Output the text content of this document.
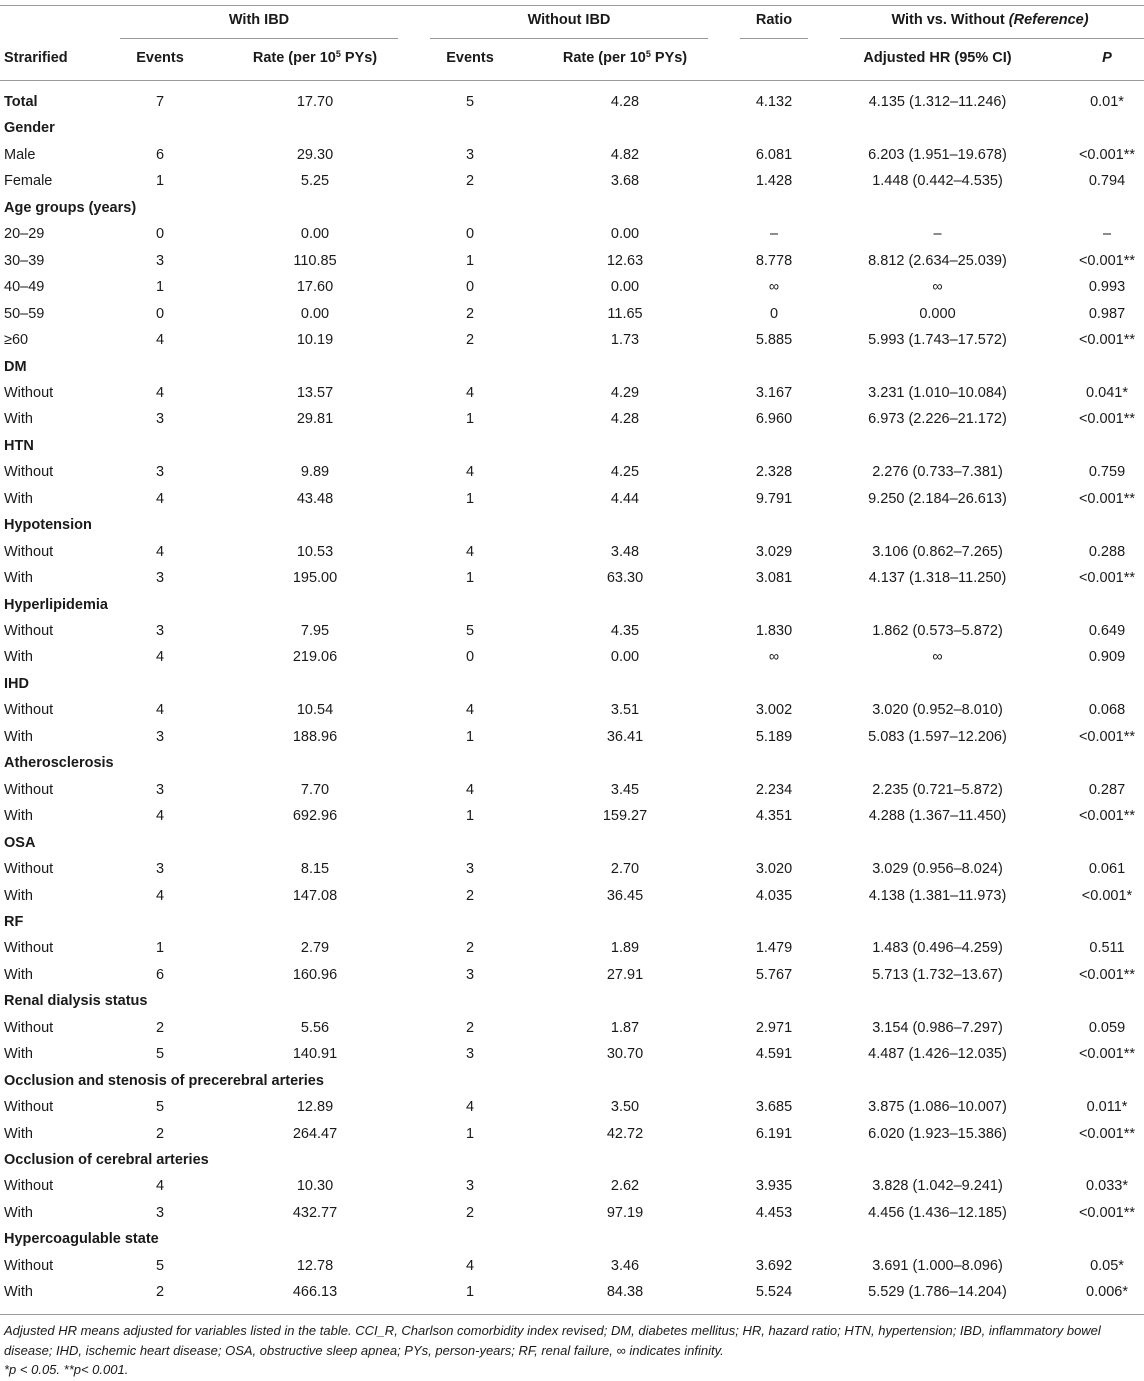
With IBD	Without IBD	Ratio	With vs. Without (Reference)
Strarified	Events	Rate (per $10^5$ PYs)	Events	Rate (per $10^5$ PYs)	Adjusted HR (95% CI)	P
Total	7	17.70	5	4.28	4.132	4.135 (1.312–11.246)	0.01*
Gender
Male	6	29.30	3	4.82	6.081	6.203 (1.951–19.678)	<0.001**
Female	1	5.25	2	3.68	1.428	1.448 (0.442–4.535)	0.794
Age groups (years)
20–29	0	0.00	0	0.00	–	–	–
30–39	3	110.85	1	12.63	8.778	8.812 (2.634–25.039)	<0.001**
40–49	1	17.60	0	0.00	∞	∞	0.993
50–59	0	0.00	2	11.65	0	0.000	0.987
≥60	4	10.19	2	1.73	5.885	5.993 (1.743–17.572)	<0.001**
DM
Without	4	13.57	4	4.29	3.167	3.231 (1.010–10.084)	0.041*
With	3	29.81	1	4.28	6.960	6.973 (2.226–21.172)	<0.001**
HTN
Without	3	9.89	4	4.25	2.328	2.276 (0.733–7.381)	0.759
With	4	43.48	1	4.44	9.791	9.250 (2.184–26.613)	<0.001**
Hypotension
Without	4	10.53	4	3.48	3.029	3.106 (0.862–7.265)	0.288
With	3	195.00	1	63.30	3.081	4.137 (1.318–11.250)	<0.001**
Hyperlipidemia
Without	3	7.95	5	4.35	1.830	1.862 (0.573–5.872)	0.649
With	4	219.06	0	0.00	∞	∞	0.909
IHD
Without	4	10.54	4	3.51	3.002	3.020 (0.952–8.010)	0.068
With	3	188.96	1	36.41	5.189	5.083 (1.597–12.206)	<0.001**
Atherosclerosis
Without	3	7.70	4	3.45	2.234	2.235 (0.721–5.872)	0.287
With	4	692.96	1	159.27	4.351	4.288 (1.367–11.450)	<0.001**
OSA
Without	3	8.15	3	2.70	3.020	3.029 (0.956–8.024)	0.061
With	4	147.08	2	36.45	4.035	4.138 (1.381–11.973)	<0.001*
RF
Without	1	2.79	2	1.89	1.479	1.483 (0.496–4.259)	0.511
With	6	160.96	3	27.91	5.767	5.713 (1.732–13.67)	<0.001**
Renal dialysis status
Without	2	5.56	2	1.87	2.971	3.154 (0.986–7.297)	0.059
With	5	140.91	3	30.70	4.591	4.487 (1.426–12.035)	<0.001**
Occlusion and stenosis of precerebral arteries
Without	5	12.89	4	3.50	3.685	3.875 (1.086–10.007)	0.011*
With	2	264.47	1	42.72	6.191	6.020 (1.923–15.386)	<0.001**
Occlusion of cerebral arteries
Without	4	10.30	3	2.62	3.935	3.828 (1.042–9.241)	0.033*
With	3	432.77	2	97.19	4.453	4.456 (1.436–12.185)	<0.001**
Hypercoagulable state
Without	5	12.78	4	3.46	3.692	3.691 (1.000–8.096)	0.05*
With	2	466.13	1	84.38	5.524	5.529 (1.786–14.204)	0.006*
Adjusted HR means adjusted for variables listed in the table. CCI_R, Charlson comorbidity index revised; DM, diabetes mellitus; HR, hazard ratio; HTN, hypertension; IBD, inflammatory bowel disease; IHD, ischemic heart disease; OSA, obstructive sleep apnea; PYs, person-years; RF, renal failure, ∞ indicates infinity.
*p < 0.05. **p< 0.001.
